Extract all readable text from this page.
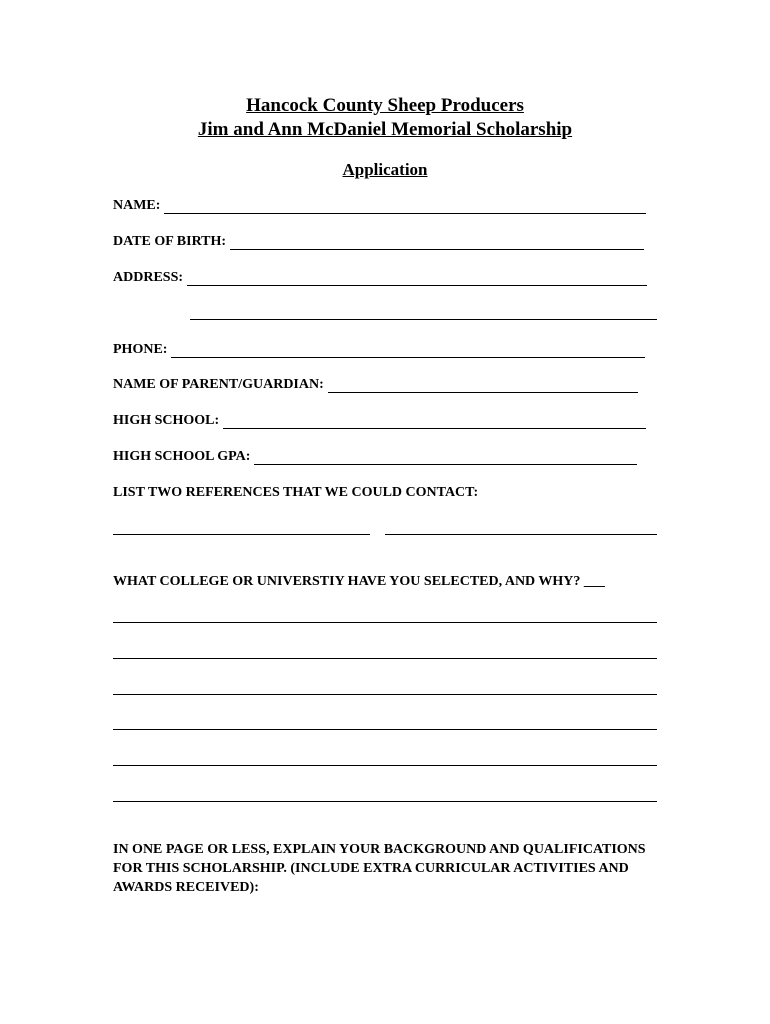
Hancock County Sheep Producers
Jim and Ann McDaniel Memorial Scholarship
Application
NAME:
DATE OF BIRTH:
ADDRESS:
PHONE:
NAME OF PARENT/GUARDIAN:
HIGH SCHOOL:
HIGH SCHOOL GPA:
LIST TWO REFERENCES THAT WE COULD CONTACT:
WHAT COLLEGE OR UNIVERSTIY HAVE YOU SELECTED, AND WHY? ___
IN ONE PAGE OR LESS, EXPLAIN YOUR BACKGROUND AND QUALIFICATIONS FOR THIS SCHOLARSHIP. (INCLUDE EXTRA CURRICULAR ACTIVITIES AND AWARDS RECEIVED):
